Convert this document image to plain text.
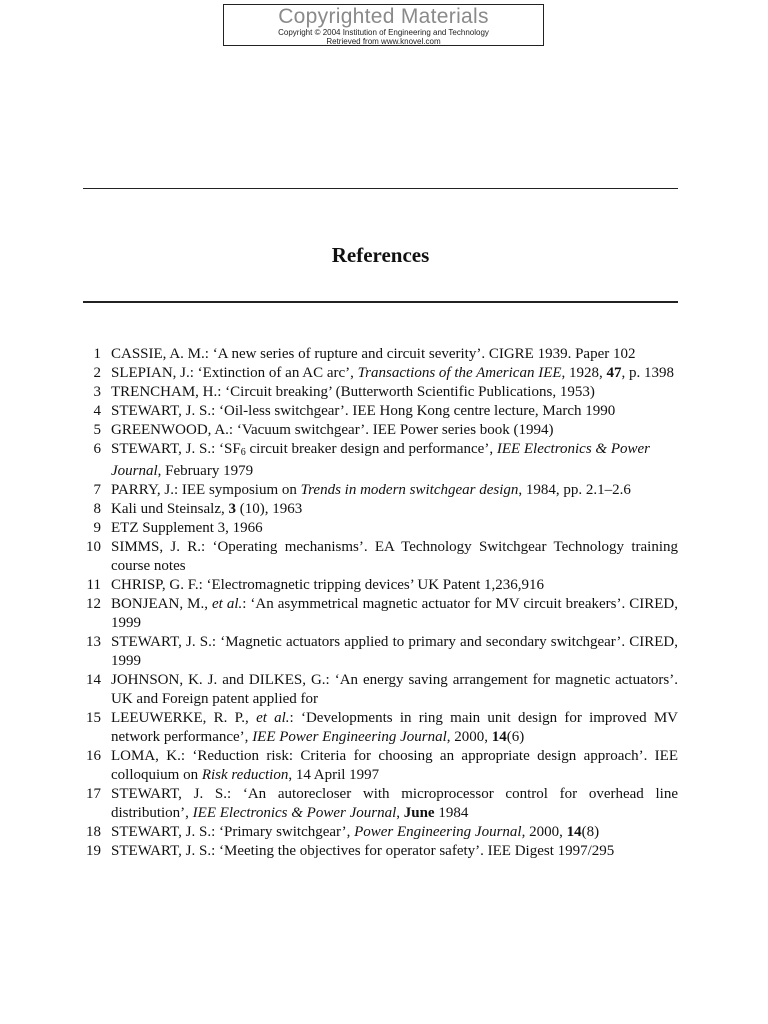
Copyrighted Materials
Copyright © 2004 Institution of Engineering and Technology
Retrieved from www.knovel.com
References
1 CASSIE, A. M.: ‘A new series of rupture and circuit severity’. CIGRE 1939. Paper 102
2 SLEPIAN, J.: ‘Extinction of an AC arc’, Transactions of the American IEE, 1928, 47, p. 1398
3 TRENCHAM, H.: ‘Circuit breaking’ (Butterworth Scientific Publications, 1953)
4 STEWART, J. S.: ‘Oil-less switchgear’. IEE Hong Kong centre lecture, March 1990
5 GREENWOOD, A.: ‘Vacuum switchgear’. IEE Power series book (1994)
6 STEWART, J. S.: ‘$SF_6$ circuit breaker design and performance’, IEE Electronics & Power Journal, February 1979
7 PARRY, J.: IEE symposium on Trends in modern switchgear design, 1984, pp. 2.1–2.6
8 Kali und Steinsalz, 3 (10), 1963
9 ETZ Supplement 3, 1966
10 SIMMS, J. R.: ‘Operating mechanisms’. EA Technology Switchgear Technology training course notes
11 CHRISP, G. F.: ‘Electromagnetic tripping devices’ UK Patent 1,236,916
12 BONJEAN, M., et al.: ‘An asymmetrical magnetic actuator for MV circuit breakers’. CIRED, 1999
13 STEWART, J. S.: ‘Magnetic actuators applied to primary and secondary switchgear’. CIRED, 1999
14 JOHNSON, K. J. and DILKES, G.: ‘An energy saving arrangement for magnetic actuators’. UK and Foreign patent applied for
15 LEEUWERKE, R. P., et al.: ‘Developments in ring main unit design for improved MV network performance’, IEE Power Engineering Journal, 2000, 14(6)
16 LOMA, K.: ‘Reduction risk: Criteria for choosing an appropriate design approach’. IEE colloquium on Risk reduction, 14 April 1997
17 STEWART, J. S.: ‘An autorecloser with microprocessor control for overhead line distribution’, IEE Electronics & Power Journal, June 1984
18 STEWART, J. S.: ‘Primary switchgear’, Power Engineering Journal, 2000, 14(8)
19 STEWART, J. S.: ‘Meeting the objectives for operator safety’. IEE Digest 1997/295
